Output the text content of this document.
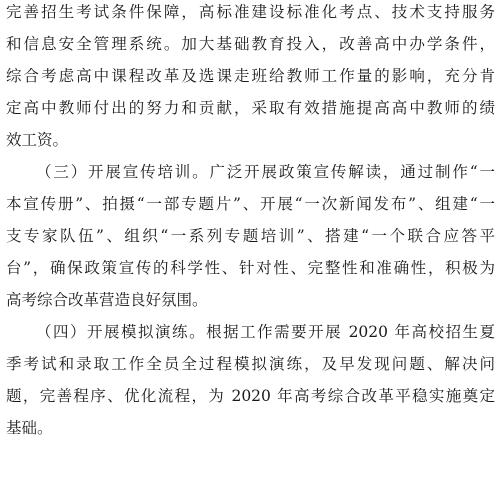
完善招生考试条件保障，高标准建设标准化考点、技术支持服务
和信息安全管理系统。加大基础教育投入，改善高中办学条件，
综合考虑高中课程改革及选课走班给教师工作量的影响，充分肯
定高中教师付出的努力和贡献，采取有效措施提高高中教师的绩
效工资。
（三）开展宣传培训。广泛开展政策宣传解读，通过制作“一
本宣传册”、拍摄“一部专题片”、开展“一次新闻发布”、组建“一
支专家队伍”、组织“一系列专题培训”、搭建“一个联合应答平
台”，确保政策宣传的科学性、针对性、完整性和准确性，积极为
高考综合改革营造良好氛围。
（四）开展模拟演练。根据工作需要开展 2020 年高校招生夏
季考试和录取工作全员全过程模拟演练，及早发现问题、解决问
题，完善程序、优化流程，为 2020 年高考综合改革平稳实施奠定
基础。
